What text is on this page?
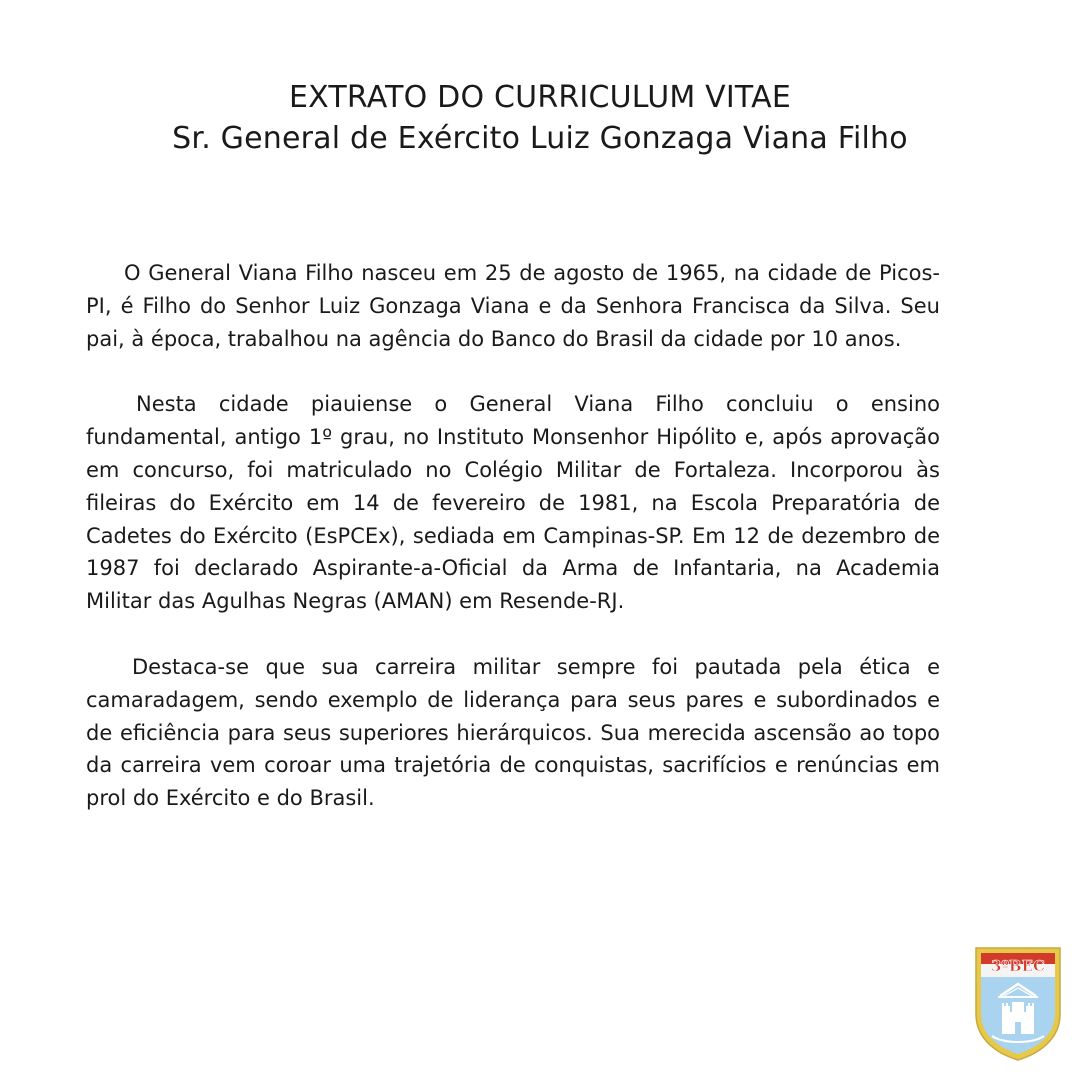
EXTRATO DO CURRICULUM VITAE
Sr. General de Exército Luiz Gonzaga Viana Filho

O General Viana Filho nasceu em 25 de agosto de 1965, na cidade de Picos-PI, é Filho do Senhor Luiz Gonzaga Viana e da Senhora Francisca da Silva. Seu pai, à época, trabalhou na agência do Banco do Brasil da cidade por 10 anos.

Nesta cidade piauiense o General Viana Filho concluiu o ensino fundamental, antigo 1º grau, no Instituto Monsenhor Hipólito e, após aprovação em concurso, foi matriculado no Colégio Militar de Fortaleza. Incorporou às fileiras do Exército em 14 de fevereiro de 1981, na Escola Preparatória de Cadetes do Exército (EsPCEx), sediada em Campinas-SP. Em 12 de dezembro de 1987 foi declarado Aspirante-a-Oficial da Arma de Infantaria, na Academia Militar das Agulhas Negras (AMAN) em Resende-RJ.

Destaca-se que sua carreira militar sempre foi pautada pela ética e camaradagem, sendo exemplo de liderança para seus pares e subordinados e de eficiência para seus superiores hierárquicos. Sua merecida ascensão ao topo da carreira vem coroar uma trajetória de conquistas, sacrifícios e renúncias em prol do Exército e do Brasil.

3ºBEC
